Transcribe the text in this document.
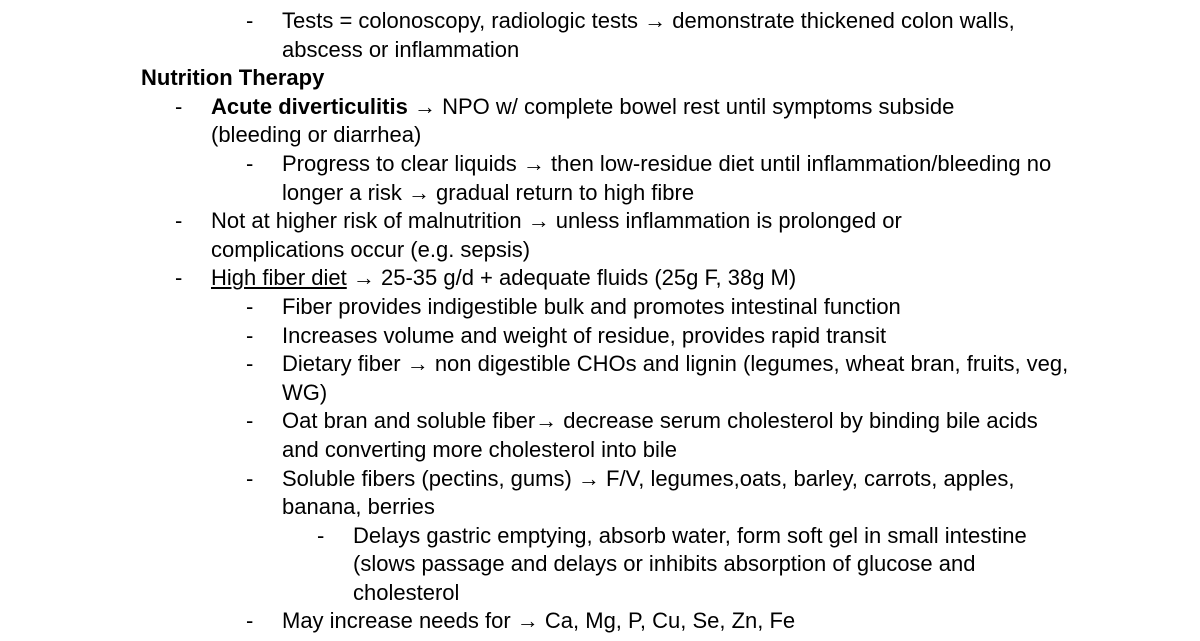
-	Tests = colonoscopy, radiologic tests → demonstrate thickened colon walls, abscess or inflammation
Nutrition Therapy
-	Acute diverticulitis → NPO w/ complete bowel rest until symptoms subside (bleeding or diarrhea)
-	Progress to clear liquids → then low-residue diet until inflammation/bleeding no longer a risk → gradual return to high fibre
-	Not at higher risk of malnutrition → unless inflammation is prolonged or complications occur (e.g. sepsis)
-	High fiber diet → 25-35 g/d + adequate fluids (25g F, 38g M)
-	Fiber provides indigestible bulk and promotes intestinal function
-	Increases volume and weight of residue, provides rapid transit
-	Dietary fiber → non digestible CHOs and lignin (legumes, wheat bran, fruits, veg, WG)
-	Oat bran and soluble fiber→ decrease serum cholesterol by binding bile acids and converting more cholesterol into bile
-	Soluble fibers (pectins, gums) → F/V, legumes,oats, barley, carrots, apples, banana, berries
-	Delays gastric emptying, absorb water, form soft gel in small intestine (slows passage and delays or inhibits absorption of glucose and cholesterol
-	May increase needs for → Ca, Mg, P, Cu, Se, Zn, Fe
